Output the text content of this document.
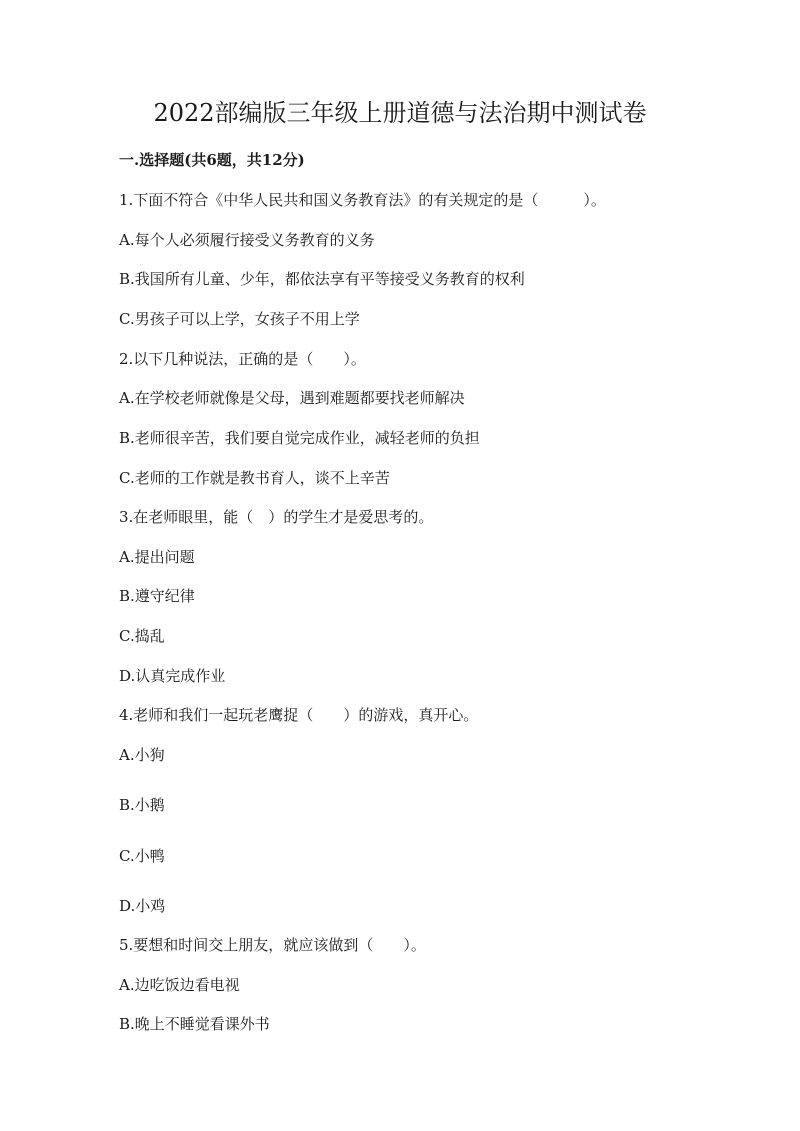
2022部编版三年级上册道德与法治期中测试卷

一.选择题(共6题，共12分)

1.下面不符合《中华人民共和国义务教育法》的有关规定的是（　　　）。

A.每个人必须履行接受义务教育的义务

B.我国所有儿童、少年，都依法享有平等接受义务教育的权利

C.男孩子可以上学，女孩子不用上学

2.以下几种说法，正确的是（　　）。

A.在学校老师就像是父母，遇到难题都要找老师解决

B.老师很辛苦，我们要自觉完成作业，减轻老师的负担

C.老师的工作就是教书育人，谈不上辛苦

3.在老师眼里，能（　）的学生才是爱思考的。

A.提出问题

B.遵守纪律

C.捣乱

D.认真完成作业

4.老师和我们一起玩老鹰捉（　　）的游戏，真开心。

A.小狗

B.小鹅

C.小鸭

D.小鸡

5.要想和时间交上朋友，就应该做到（　　）。

A.边吃饭边看电视

B.晚上不睡觉看课外书
